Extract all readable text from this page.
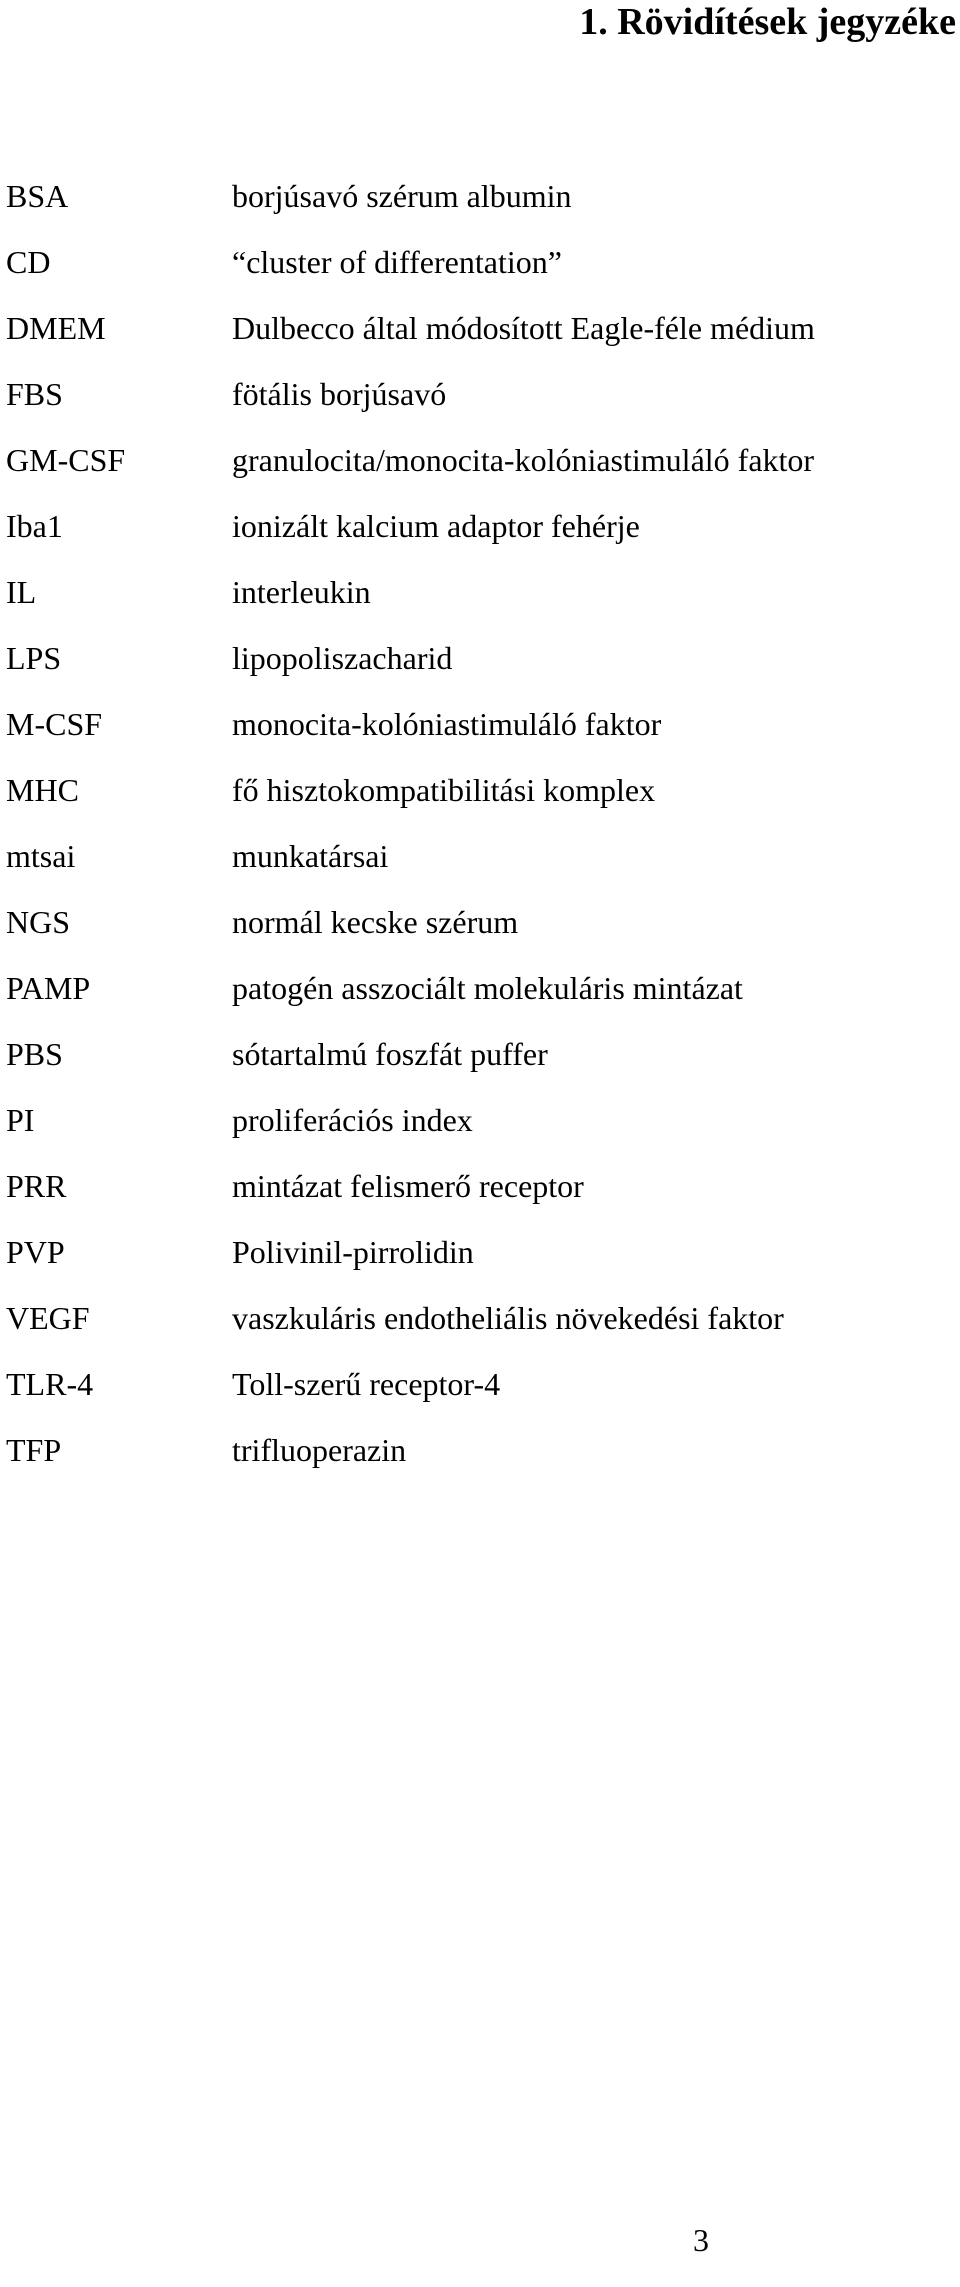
1. Rövidítések jegyzéke
BSA	borjúsavó szérum albumin
CD	“cluster of differentation”
DMEM	Dulbecco által módosított Eagle-féle médium
FBS	fötális borjúsavó
GM-CSF	granulocita/monocita-kolóniastimuláló faktor
Iba1	ionizált kalcium adaptor fehérje
IL	interleukin
LPS	lipopoliszacharid
M-CSF	monocita-kolóniastimuláló faktor
MHC	fő hisztokompatibilitási komplex
mtsai	munkatársai
NGS	normál kecske szérum
PAMP	patogén asszociált molekuláris mintázat
PBS	sótartalmú foszfát puffer
PI	proliferációs index
PRR	mintázat felismerő receptor
PVP	Polivinil-pirrolidin
VEGF	vaszkuláris endotheliális növekedési faktor
TLR-4	Toll-szerű receptor-4
TFP	trifluoperazin
3
